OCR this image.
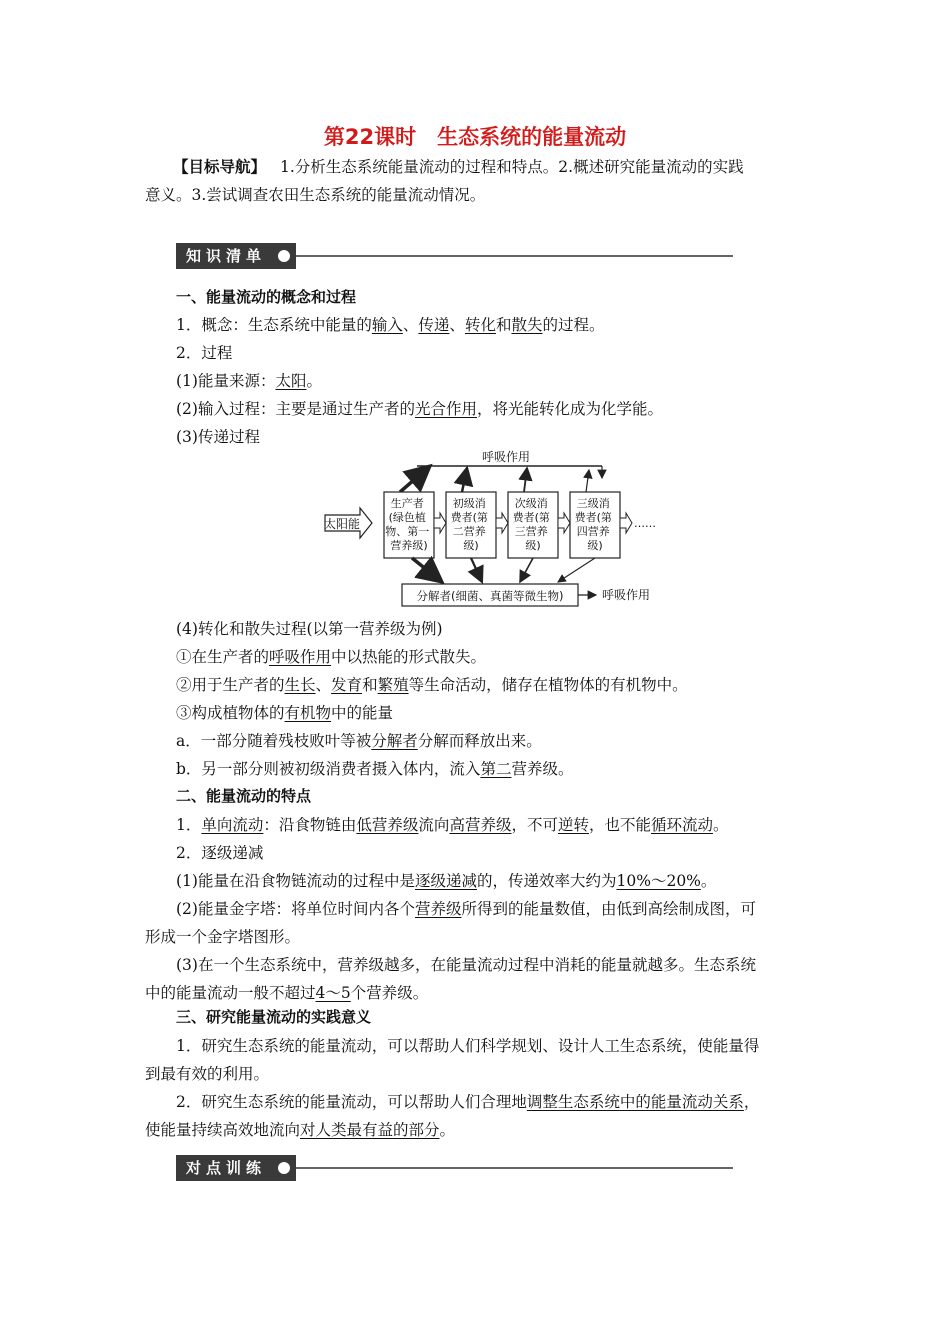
第22课时　生态系统的能量流动
【目标导航】 1.分析生态系统能量流动的过程和特点。2.概述研究能量流动的实践
意义。3.尝试调查农田生态系统的能量流动情况。
知识清单
一、能量流动的概念和过程
1．概念：生态系统中能量的输入、传递、转化和散失的过程。
2．过程
(1)能量来源：太阳。
(2)输入过程：主要是通过生产者的光合作用，将光能转化成为化学能。
(3)传递过程
呼吸作用
太阳能
生产者 (绿色植 物、第一 营养级)
初级消 费者(第 二营养 级)
次级消 费者(第 三营养 级)
三级消 费者(第 四营养 级)
……
分解者(细菌、真菌等微生物)	呼吸作用
(4)转化和散失过程(以第一营养级为例)
①在生产者的呼吸作用中以热能的形式散失。
②用于生产者的生长、发育和繁殖等生命活动，储存在植物体的有机物中。
③构成植物体的有机物中的能量
a．一部分随着残枝败叶等被分解者分解而释放出来。
b．另一部分则被初级消费者摄入体内，流入第二营养级。
二、能量流动的特点
1．单向流动：沿食物链由低营养级流向高营养级，不可逆转，也不能循环流动。
2．逐级递减
(1)能量在沿食物链流动的过程中是逐级递减的，传递效率大约为10%～20%。
(2)能量金字塔：将单位时间内各个营养级所得到的能量数值，由低到高绘制成图，可
形成一个金字塔图形。
(3)在一个生态系统中，营养级越多，在能量流动过程中消耗的能量就越多。生态系统
中的能量流动一般不超过4～5个营养级。
三、研究能量流动的实践意义
1．研究生态系统的能量流动，可以帮助人们科学规划、设计人工生态系统，使能量得
到最有效的利用。
2．研究生态系统的能量流动，可以帮助人们合理地调整生态系统中的能量流动关系，
使能量持续高效地流向对人类最有益的部分。
对点训练
